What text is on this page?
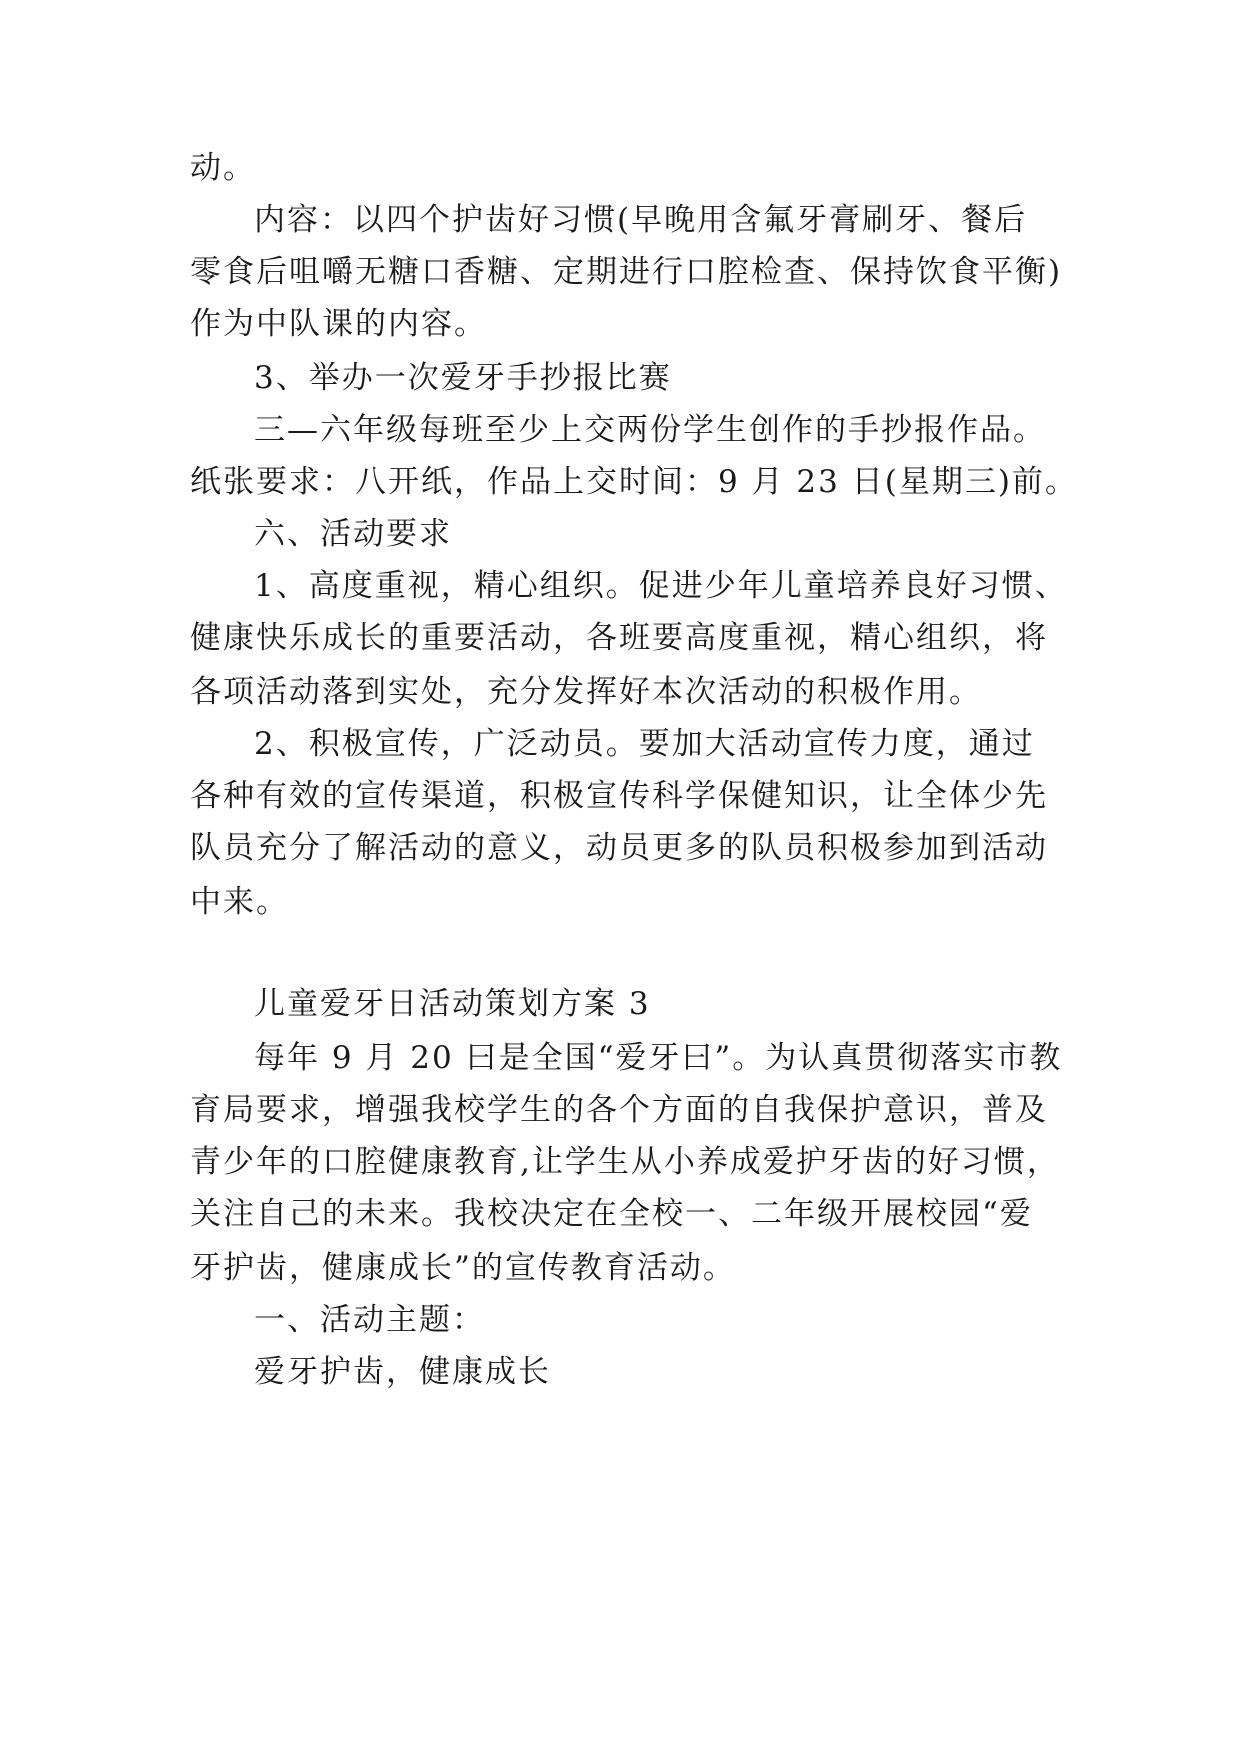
动。
内容：以四个护齿好习惯(早晚用含氟牙膏刷牙、餐后
零食后咀嚼无糖口香糖、定期进行口腔检查、保持饮食平衡)
作为中队课的内容。
3、举办一次爱牙手抄报比赛
三—六年级每班至少上交两份学生创作的手抄报作品。
纸张要求：八开纸，作品上交时间：9 月 23 日(星期三)前。
六、活动要求
1、高度重视，精心组织。促进少年儿童培养良好习惯、
健康快乐成长的重要活动，各班要高度重视，精心组织，将
各项活动落到实处，充分发挥好本次活动的积极作用。
2、积极宣传，广泛动员。要加大活动宣传力度，通过
各种有效的宣传渠道，积极宣传科学保健知识，让全体少先
队员充分了解活动的意义，动员更多的队员积极参加到活动
中来。
儿童爱牙日活动策划方案 3
每年 9 月 20 曰是全国“爱牙曰”。为认真贯彻落实市教
育局要求，增强我校学生的各个方面的自我保护意识，普及
青少年的口腔健康教育,让学生从小养成爱护牙齿的好习惯，
关注自己的未来。我校决定在全校一、二年级开展校园“爱
牙护齿，健康成长”的宣传教育活动。
一、活动主题：
爱牙护齿，健康成长
